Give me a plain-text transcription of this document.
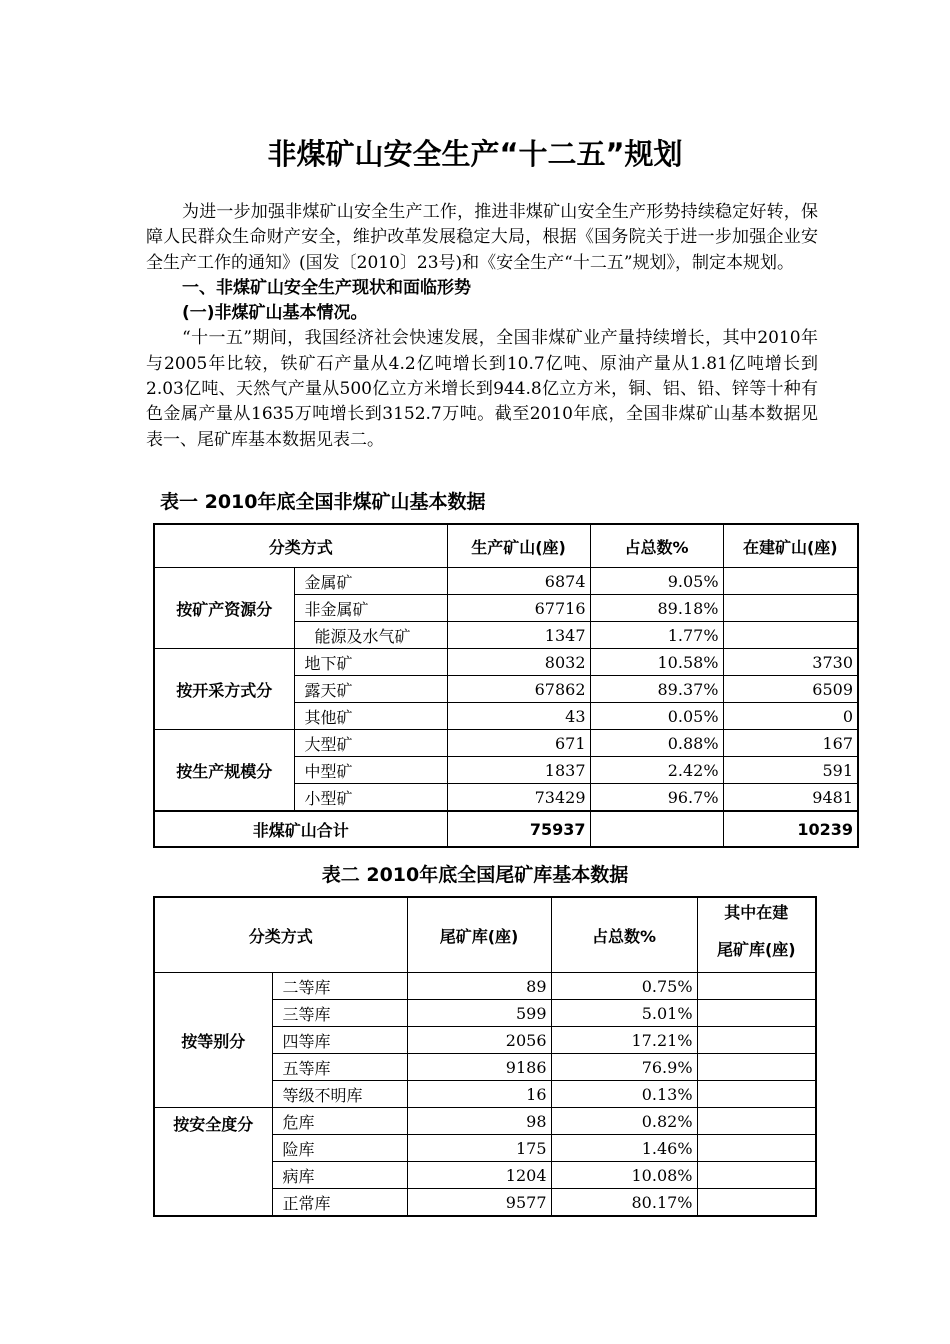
非煤矿山安全生产“十二五”规划

为进一步加强非煤矿山安全生产工作，推进非煤矿山安全生产形势持续稳定好转，保障人民群众生命财产安全，维护改革发展稳定大局，根据《国务院关于进一步加强企业安全生产工作的通知》(国发〔2010〕23号)和《安全生产“十二五”规划》，制定本规划。

一、非煤矿山安全生产现状和面临形势

(一)非煤矿山基本情况。

“十一五”期间，我国经济社会快速发展，全国非煤矿业产量持续增长，其中2010年与2005年比较，铁矿石产量从4.2亿吨增长到10.7亿吨、原油产量从1.81亿吨增长到2.03亿吨、天然气产量从500亿立方米增长到944.8亿立方米，铜、铝、铅、锌等十种有色金属产量从1635万吨增长到3152.7万吨。截至2010年底，全国非煤矿山基本数据见表一、尾矿库基本数据见表二。

表一 2010年底全国非煤矿山基本数据
分类方式		生产矿山(座)	占总数%	在建矿山(座)
按矿产资源分	金属矿	6874	9.05%	
	非金属矿	67716	89.18%	
	能源及水气矿	1347	1.77%	
按开采方式分	地下矿	8032	10.58%	3730
	露天矿	67862	89.37%	6509
	其他矿	43	0.05%	0
按生产规模分	大型矿	671	0.88%	167
	中型矿	1837	2.42%	591
	小型矿	73429	96.7%	9481
非煤矿山合计		75937		10239
表二 2010年底全国尾矿库基本数据
分类方式		尾矿库(座)	占总数%	其中在建
尾矿库(座)

按等别分	二等库	89	0.75%	
	三等库	599	5.01%	
	四等库	2056	17.21%	
	五等库	9186	76.9%	
	等级不明库	16	0.13%	
按安全度分	危库	98	0.82%	
	险库	175	1.46%	
	病库	1204	10.08%	
	正常库	9577	80.17%	
